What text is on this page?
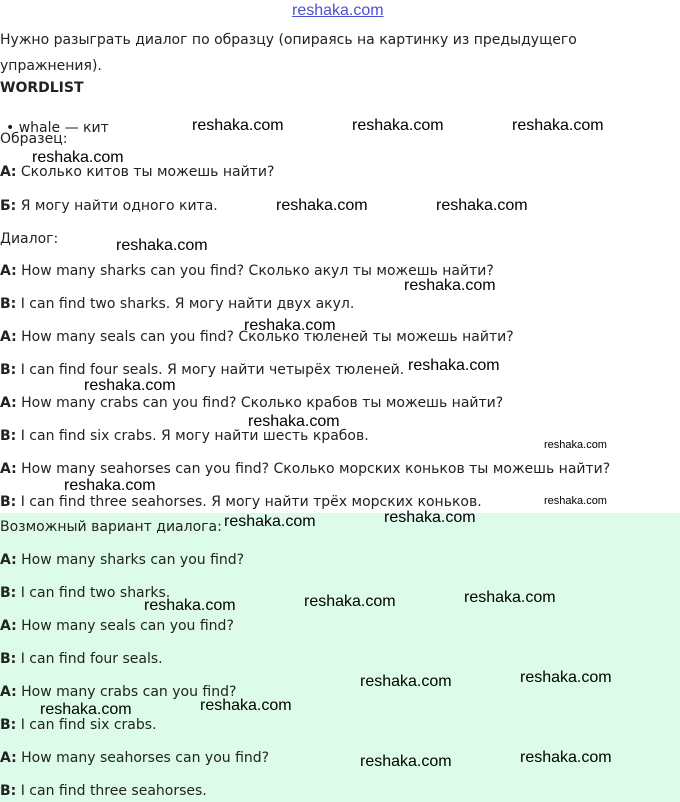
reshaka.com
Нужно разыграть диалог по образцу (опираясь на картинку из предыдущего упражнения).
WORDLIST
• whale — кит
Образец:
А: Сколько китов ты можешь найти?
Б: Я могу найти одного кита.
Диалог:
A: How many sharks can you find? Сколько акул ты можешь найти?
B: I can find two sharks. Я могу найти двух акул.
A: How many seals can you find? Сколько тюленей ты можешь найти?
B: I can find four seals. Я могу найти четырёх тюленей.
A: How many crabs can you find? Сколько крабов ты можешь найти?
B: I can find six crabs. Я могу найти шесть крабов.
A: How many seahorses can you find? Сколько морских коньков ты можешь найти?
B: I can find three seahorses. Я могу найти трёх морских коньков.
Возможный вариант диалога:
A: How many sharks can you find?
B: I can find two sharks.
A: How many seals can you find?
B: I can find four seals.
A: How many crabs can you find?
B: I can find six crabs.
A: How many seahorses can you find?
B: I can find three seahorses.
reshaka.com	reshaka.com	reshaka.com
reshaka.com
reshaka.com	reshaka.com
reshaka.com
reshaka.com
reshaka.com
reshaka.com
reshaka.com
reshaka.com
reshaka.com
reshaka.com
reshaka.com
reshaka.com	reshaka.com
reshaka.com	reshaka.com	reshaka.com
reshaka.com	reshaka.com
reshaka.com
reshaka.com
reshaka.com	reshaka.com
